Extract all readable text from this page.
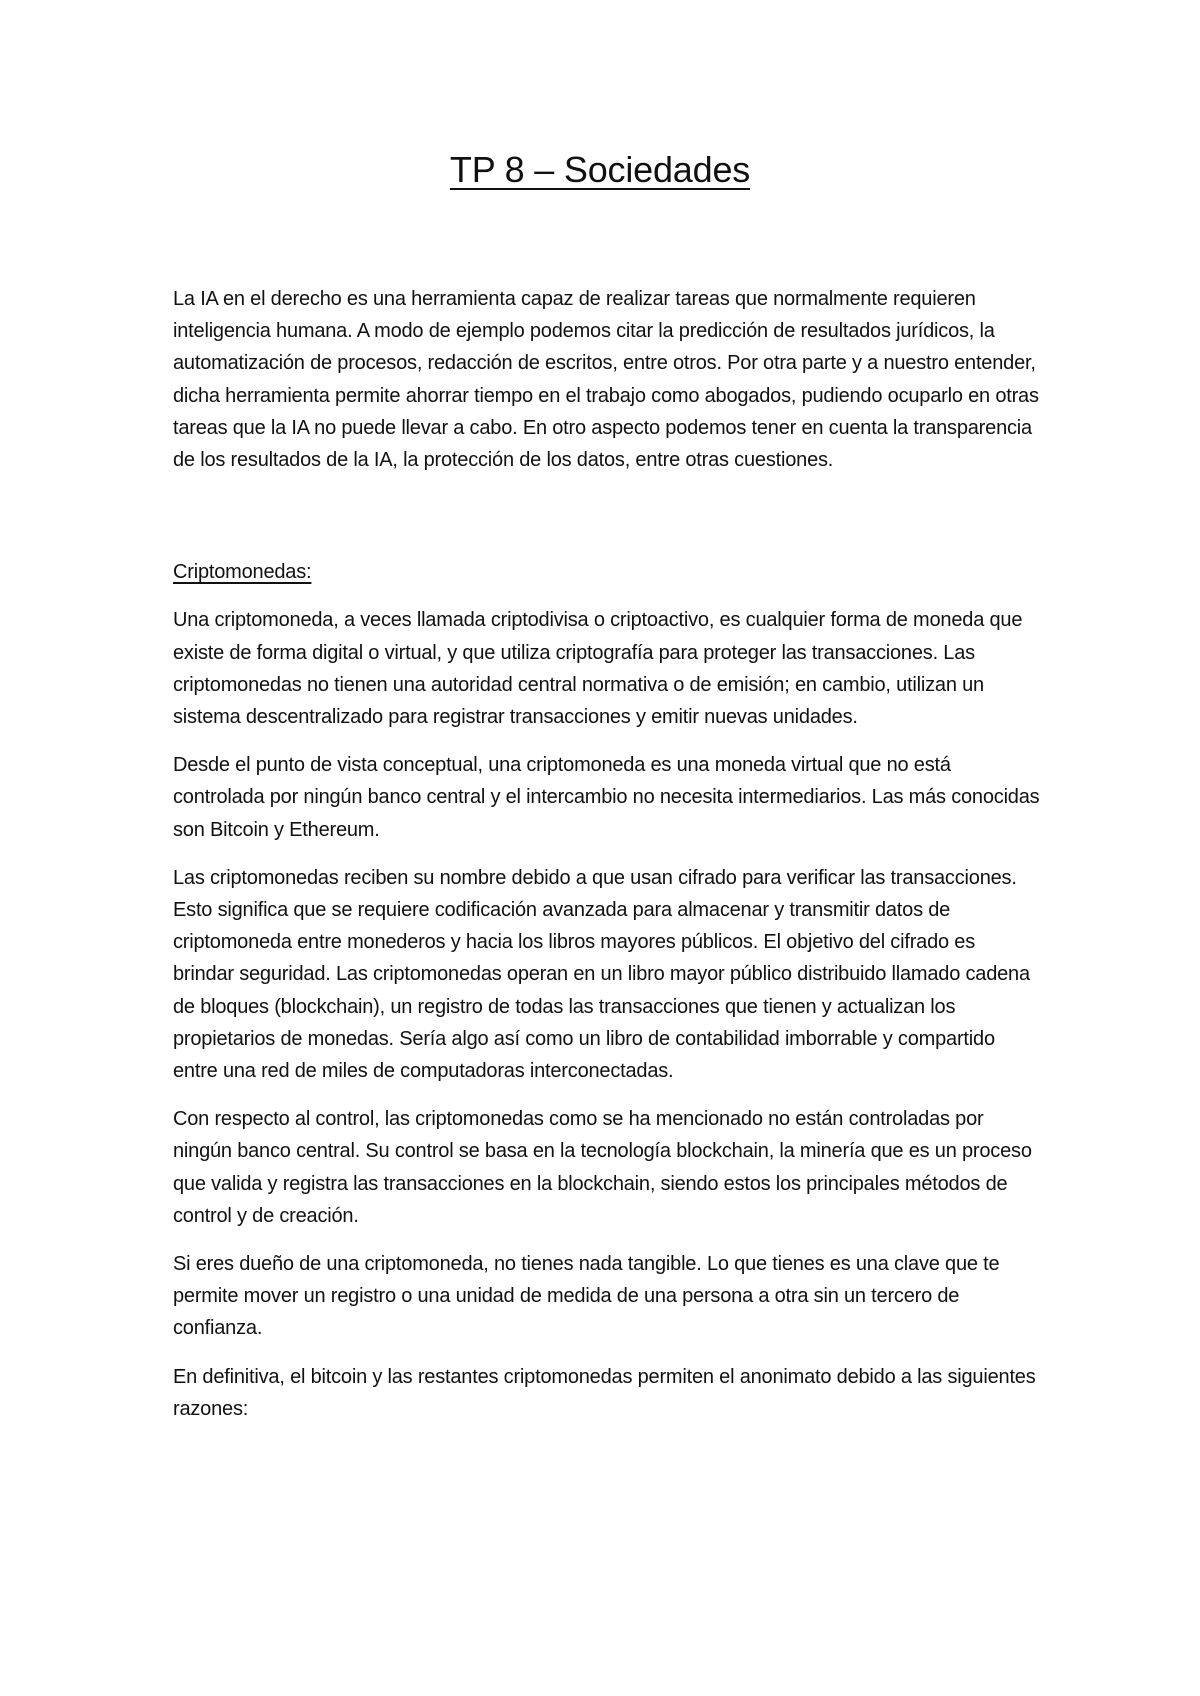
TP 8 – Sociedades

La IA en el derecho es una herramienta capaz de realizar tareas que normalmente requieren inteligencia humana. A modo de ejemplo podemos citar la predicción de resultados jurídicos, la automatización de procesos, redacción de escritos, entre otros. Por otra parte y a nuestro entender, dicha herramienta permite ahorrar tiempo en el trabajo como abogados, pudiendo ocuparlo en otras tareas que la IA no puede llevar a cabo. En otro aspecto podemos tener en cuenta la transparencia de los resultados de la IA, la protección de los datos, entre otras cuestiones.

Criptomonedas:

Una criptomoneda, a veces llamada criptodivisa o criptoactivo, es cualquier forma de moneda que existe de forma digital o virtual, y que utiliza criptografía para proteger las transacciones. Las criptomonedas no tienen una autoridad central normativa o de emisión; en cambio, utilizan un sistema descentralizado para registrar transacciones y emitir nuevas unidades.

Desde el punto de vista conceptual, una criptomoneda es una moneda virtual que no está controlada por ningún banco central y el intercambio no necesita intermediarios. Las más conocidas son Bitcoin y Ethereum.

Las criptomonedas reciben su nombre debido a que usan cifrado para verificar las transacciones. Esto significa que se requiere codificación avanzada para almacenar y transmitir datos de criptomoneda entre monederos y hacia los libros mayores públicos. El objetivo del cifrado es brindar seguridad. Las criptomonedas operan en un libro mayor público distribuido llamado cadena de bloques (blockchain), un registro de todas las transacciones que tienen y actualizan los propietarios de monedas. Sería algo así como un libro de contabilidad imborrable y compartido entre una red de miles de computadoras interconectadas.

Con respecto al control, las criptomonedas como se ha mencionado no están controladas por ningún banco central. Su control se basa en la tecnología blockchain, la minería que es un proceso que valida y registra las transacciones en la blockchain, siendo estos los principales métodos de control y de creación.

Si eres dueño de una criptomoneda, no tienes nada tangible. Lo que tienes es una clave que te permite mover un registro o una unidad de medida de una persona a otra sin un tercero de confianza.

En definitiva, el bitcoin y las restantes criptomonedas permiten el anonimato debido a las siguientes razones:
